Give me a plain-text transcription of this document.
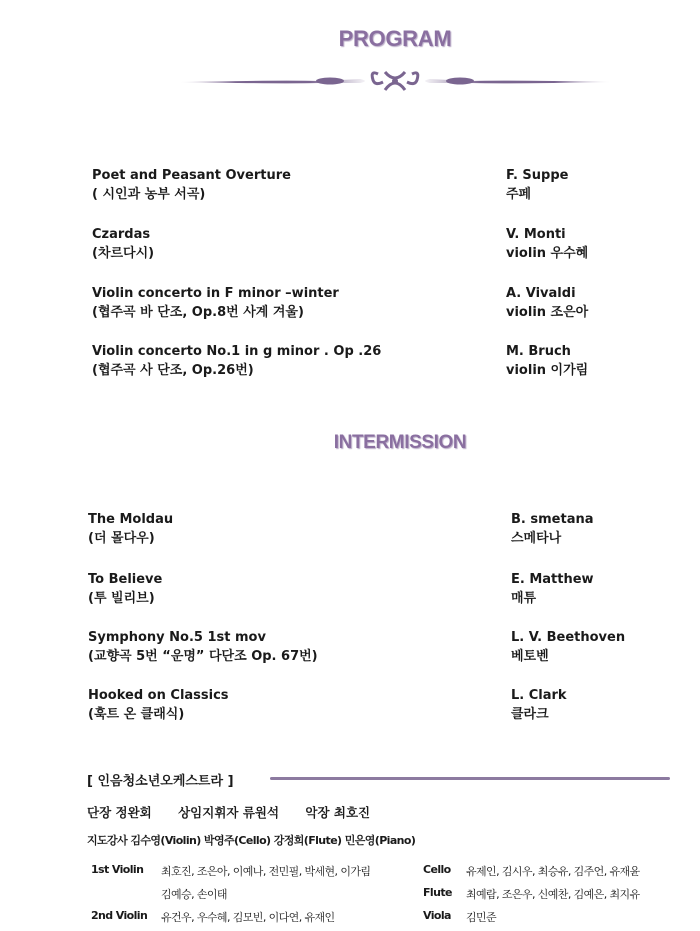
PROGRAM
Poet and Peasant Overture
( 시인과 농부 서곡)
F. Suppe
주페
Czardas
(차르다시)
V. Monti
violin 우수혜
Violin concerto in F minor –winter
(협주곡 바 단조, Op.8번 사계 겨울)
A. Vivaldi
violin 조은아
Violin concerto No.1 in g minor . Op .26
(협주곡 사 단조, Op.26번)
M. Bruch
violin 이가림
INTERMISSION
The Moldau
(더 몰다우)
B. smetana
스메타나
To Believe
(투 빌리브)
E. Matthew
매튜
Symphony No.5 1st mov
(교향곡 5번 “운명” 다단조 Op. 67번)
L. V. Beethoven
베토벤
Hooked on Classics
(훅트 온 클래식)
L. Clark
클라크
[ 인음청소년오케스트라 ]
단장 정완회 상임지휘자 류원석 악장 최호진
지도강사 김수영(Violin) 박영주(Cello) 강정희(Flute) 민은영(Piano)
1st Violin 최호진, 조은아, 이예나, 전민필, 박세현, 이가림
김예승, 손이태
2nd Violin 유건우, 우수혜, 김모빈, 이다연, 유재인
Cello 유제인, 김시우, 최승유, 김주언, 유재윤
Flute 최예람, 조은우, 신예찬, 김예은, 최지유
Viola 김민준
